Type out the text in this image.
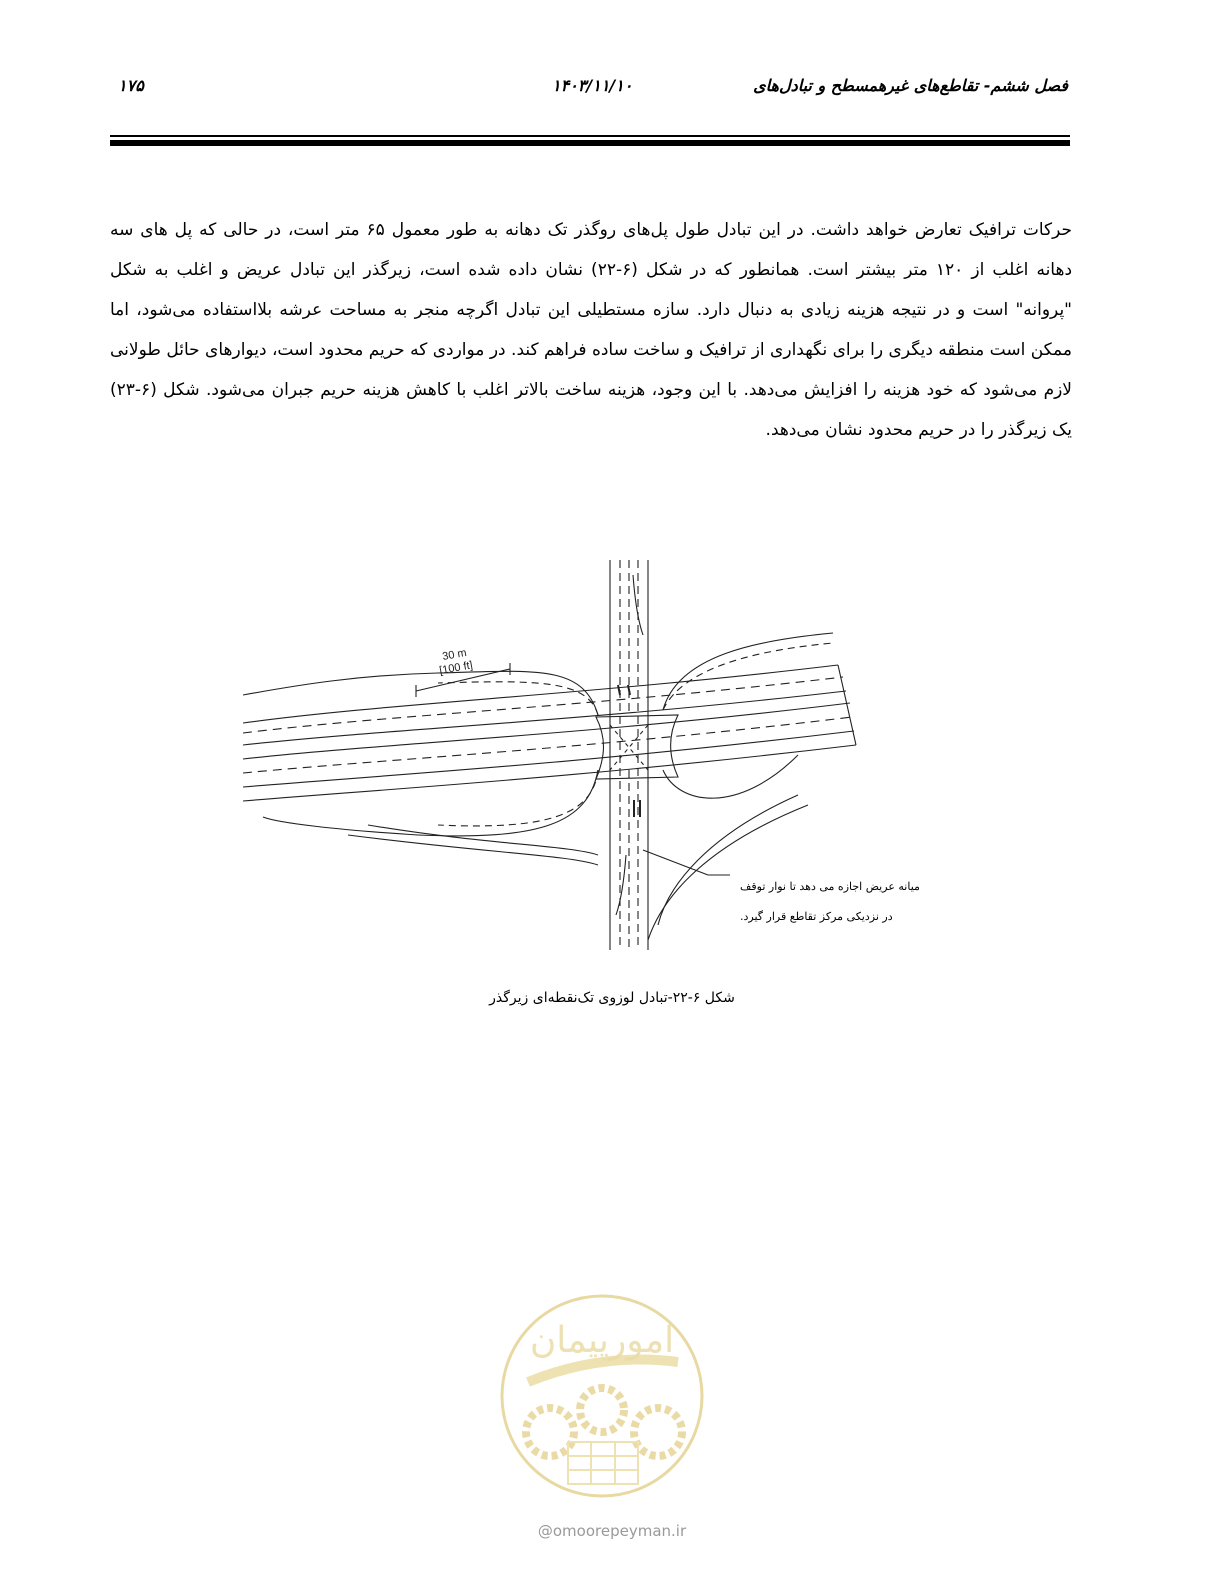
فصل ششم- تقاطع‌های غیرهمسطح و تبادل‌های
۱۴۰۳/۱۱/۱۰
۱۷۵

حرکات ترافیک تعارض خواهد داشت. در این تبادل طول پل‌های روگذر تک دهانه به طور معمول ۶۵ متر است، در حالی که پل های سه دهانه اغلب از ۱۲۰ متر بیشتر است. همانطور که در شکل (۶-۲۲) نشان داده شده است، زیرگذر این تبادل عریض و اغلب به شکل "پروانه" است و در نتیجه هزینه زیادی به دنبال دارد. سازه مستطیلی این تبادل اگرچه منجر به مساحت عرشه بلااستفاده می‌شود، اما ممکن است منطقه دیگری را برای نگهداری از ترافیک و ساخت ساده فراهم کند. در مواردی که حریم محدود است، دیوارهای حائل طولانی لازم می‌شود که خود هزینه را افزایش می‌دهد. با این وجود، هزینه ساخت بالاتر اغلب با کاهش هزینه حریم جبران می‌شود. شکل (۶-۲۳) یک زیرگذر را در حریم محدود نشان می‌دهد.

30 m
[100 ft]
میانه عریض اجازه می دهد تا نوار توقف
در نزدیکی مرکز تقاطع قرار گیرد.
شکل ۶-۲۲-تبادل لوزوی تک‌نقطه‌ای زیرگذر
امورپیمان
@omoorepeyman.ir
